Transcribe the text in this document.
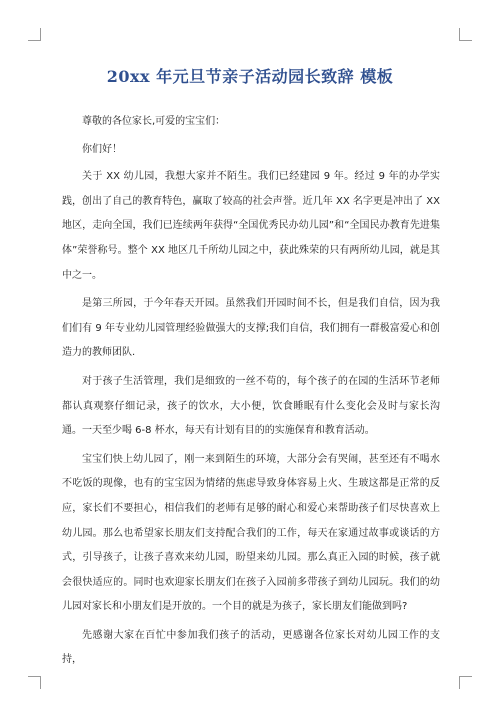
20xx 年元旦节亲子活动园长致辞 模板

尊敬的各位家长,可爱的宝宝们：

你们好！

关于 XX 幼儿园，我想大家并不陌生。我们已经建园 9 年。经过 9 年的办学实践，创出了自己的教育特色，赢取了较高的社会声誉。近几年 XX 名字更是冲出了 XX 地区，走向全国，我们已连续两年获得“全国优秀民办幼儿园”和“全国民办教育先进集体”荣誉称号。整个 XX 地区几千所幼儿园之中，获此殊荣的只有两所幼儿园，就是其中之一。

是第三所园，于今年春天开园。虽然我们开园时间不长，但是我们自信，因为我们们有 9 年专业幼儿园管理经验做强大的支撑;我们自信，我们拥有一群极富爱心和创造力的教师团队.

对于孩子生活管理，我们是细致的一丝不苟的，每个孩子的在园的生活环节老师都认真观察仔细记录，孩子的饮水，大小便，饮食睡眠有什么变化会及时与家长沟通。一天至少喝 6-8 杯水，每天有计划有目的的实施保育和教育活动。

宝宝们快上幼儿园了，刚一来到陌生的环境，大部分会有哭闹，甚至还有不喝水不吃饭的现像，也有的宝宝因为情绪的焦虑导致身体容易上火、生玻这都是正常的反应，家长们不要担心，相信我们的老师有足够的耐心和爱心来帮助孩子们尽快喜欢上幼儿园。那么也希望家长朋友们支持配合我们的工作，每天在家通过故事或谈话的方式，引导孩子，让孩子喜欢来幼儿园，盼望来幼儿园。那么真正入园的时候，孩子就会很快适应的。同时也欢迎家长朋友们在孩子入园前多带孩子到幼儿园玩。我们的幼儿园对家长和小朋友们是开放的。一个目的就是为孩子，家长朋友们能做到吗?

先感谢大家在百忙中参加我们孩子的活动，更感谢各位家长对幼儿园工作的支持，
